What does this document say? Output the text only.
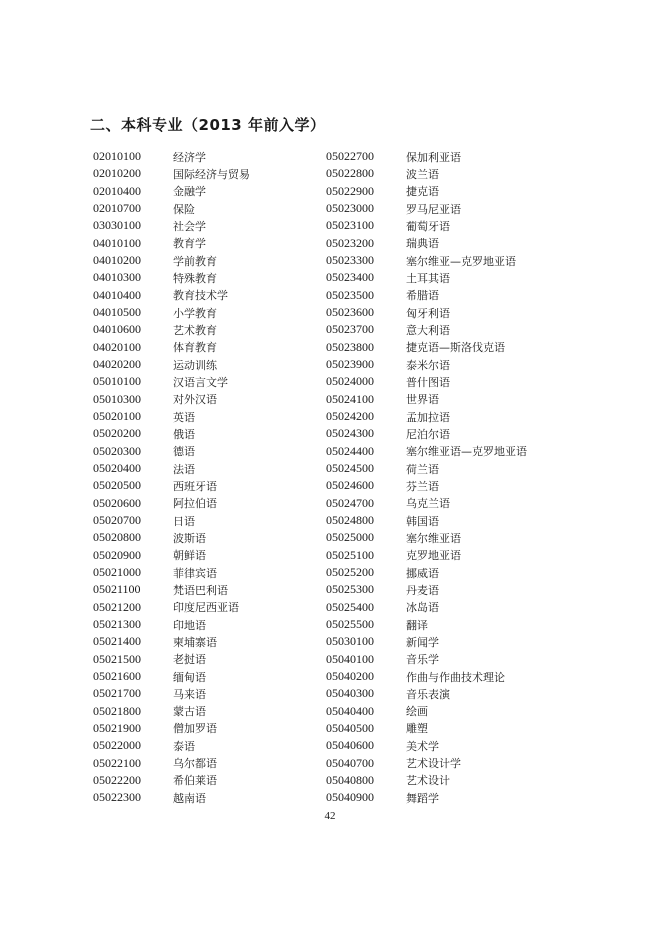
二、本科专业（2013 年前入学）
02010100	经济学
02010200	国际经济与贸易
02010400	金融学
02010700	保险
03030100	社会学
04010100	教育学
04010200	学前教育
04010300	特殊教育
04010400	教育技术学
04010500	小学教育
04010600	艺术教育
04020100	体育教育
04020200	运动训练
05010100	汉语言文学
05010300	对外汉语
05020100	英语
05020200	俄语
05020300	德语
05020400	法语
05020500	西班牙语
05020600	阿拉伯语
05020700	日语
05020800	波斯语
05020900	朝鲜语
05021000	菲律宾语
05021100	梵语巴利语
05021200	印度尼西亚语
05021300	印地语
05021400	柬埔寨语
05021500	老挝语
05021600	缅甸语
05021700	马来语
05021800	蒙古语
05021900	僧加罗语
05022000	泰语
05022100	乌尔都语
05022200	希伯莱语
05022300	越南语
05022700	保加利亚语
05022800	波兰语
05022900	捷克语
05023000	罗马尼亚语
05023100	葡萄牙语
05023200	瑞典语
05023300	塞尔维亚—克罗地亚语
05023400	土耳其语
05023500	希腊语
05023600	匈牙利语
05023700	意大利语
05023800	捷克语—斯洛伐克语
05023900	泰米尔语
05024000	普什图语
05024100	世界语
05024200	孟加拉语
05024300	尼泊尔语
05024400	塞尔维亚语—克罗地亚语
05024500	荷兰语
05024600	芬兰语
05024700	乌克兰语
05024800	韩国语
05025000	塞尔维亚语
05025100	克罗地亚语
05025200	挪威语
05025300	丹麦语
05025400	冰岛语
05025500	翻译
05030100	新闻学
05040100	音乐学
05040200	作曲与作曲技术理论
05040300	音乐表演
05040400	绘画
05040500	雕塑
05040600	美术学
05040700	艺术设计学
05040800	艺术设计
05040900	舞蹈学
42
